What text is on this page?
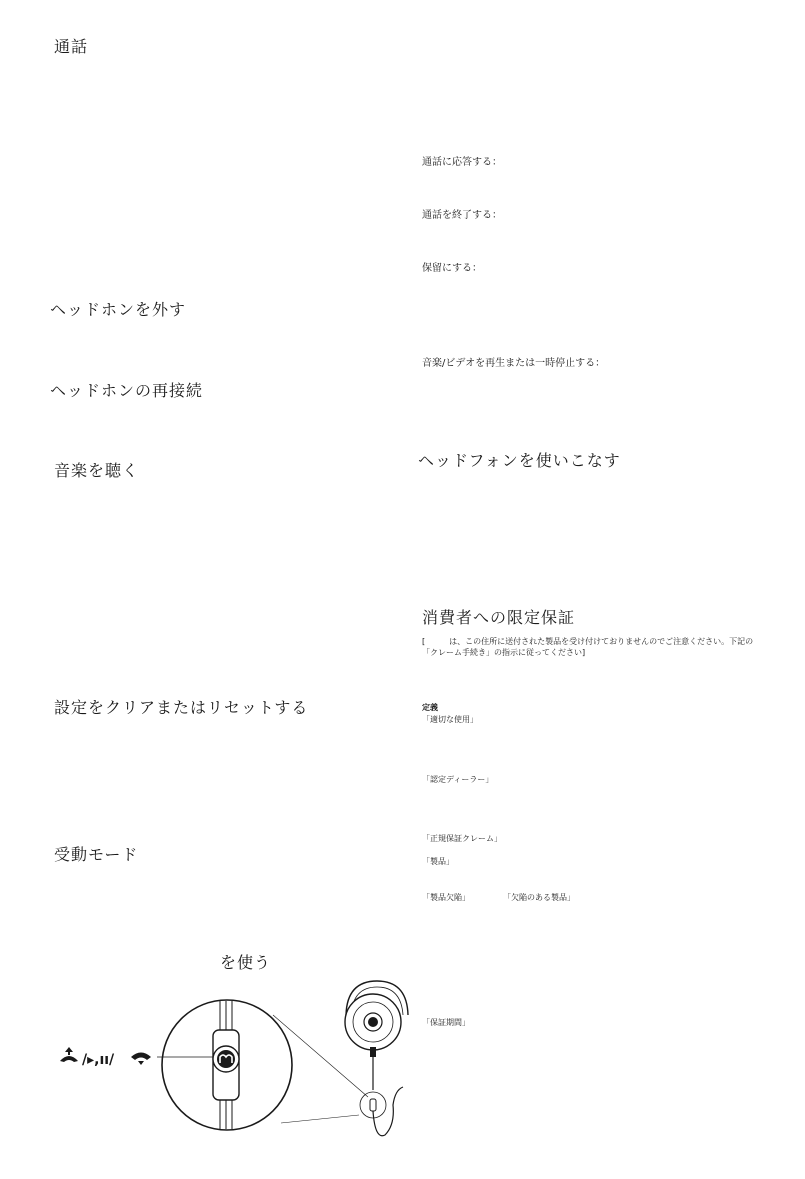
通話
ヘッドホンを外す
ヘッドホンの再接続
音楽を聴く
設定をクリアまたはリセットする
受動モード
を使う
通話に応答する：
通話を終了する：
保留にする：
音楽/ビデオを再生または一時停止する：
ヘッドフォンを使いこなす
消費者への限定保証
[　　　は、この住所に送付された製品を受け付けておりませんのでご注意ください。下記の「クレーム手続き」の指示に従ってください]
定義
「適切な使用」
「認定ディーラー」
「正規保証クレーム」
「製品」
「製品欠陥」	「欠陥のある製品」
「保証期間」
/▸,ıı/
